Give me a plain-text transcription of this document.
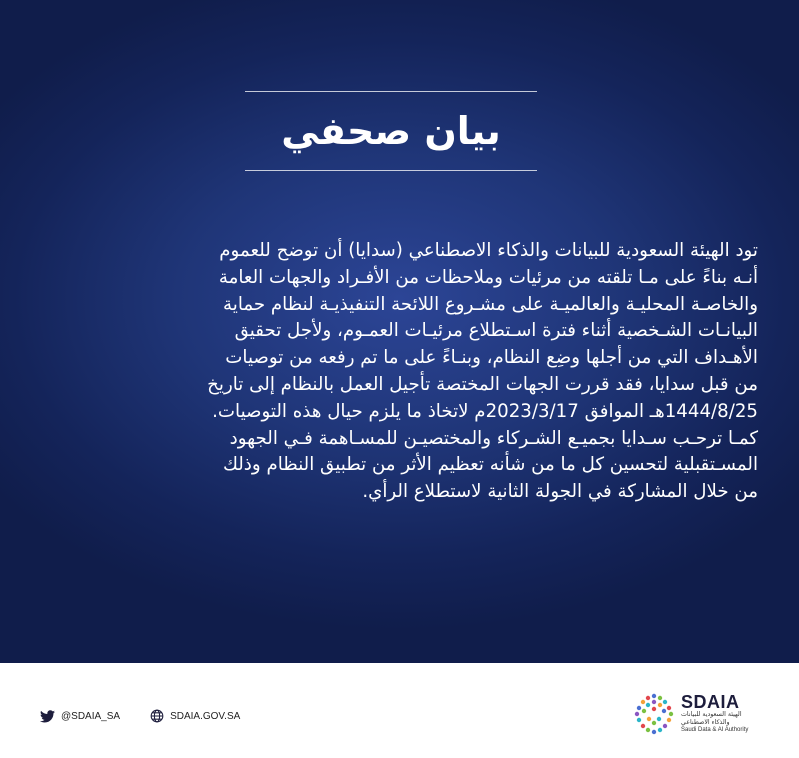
بيان صحفي
تود الهيئة السعودية للبيانات والذكاء الاصطناعي (سدايا) أن توضح للعموم
أنـه بناءً على مـا تلقته من مرئيات وملاحظات من الأفـراد والجهات العامة
والخاصـة المحليـة والعالميـة على مشـروع اللائحة التنفيذيـة لنظام حماية
البيانـات الشـخصية أثناء فترة اسـتطلاع مرئيـات العمـوم، ولأجل تحقيق
الأهـداف التي من أجلها وضِع النظام، وبنـاءً على ما تم رفعه من توصيات
من قبل سدايا، فقد قررت الجهات المختصة تأجيل العمل بالنظام إلى تاريخ
1444/8/25هـ الموافق 2023/3/17م لاتخاذ ما يلزم حيال هذه التوصيات.
كمـا ترحـب سـدايا بجميـع الشـركاء والمختصيـن للمسـاهمة فـي الجهود
المسـتقبلية لتحسين كل ما من شأنه تعظيم الأثر من تطبيق النظام وذلك
من خلال المشاركة في الجولة الثانية لاستطلاع الرأي.
@SDAIA_SA	SDAIA.GOV.SA
SDAIA
الهيئة السعودية للبيانات والذكاء الاصطناعي
Saudi Data & AI Authority
